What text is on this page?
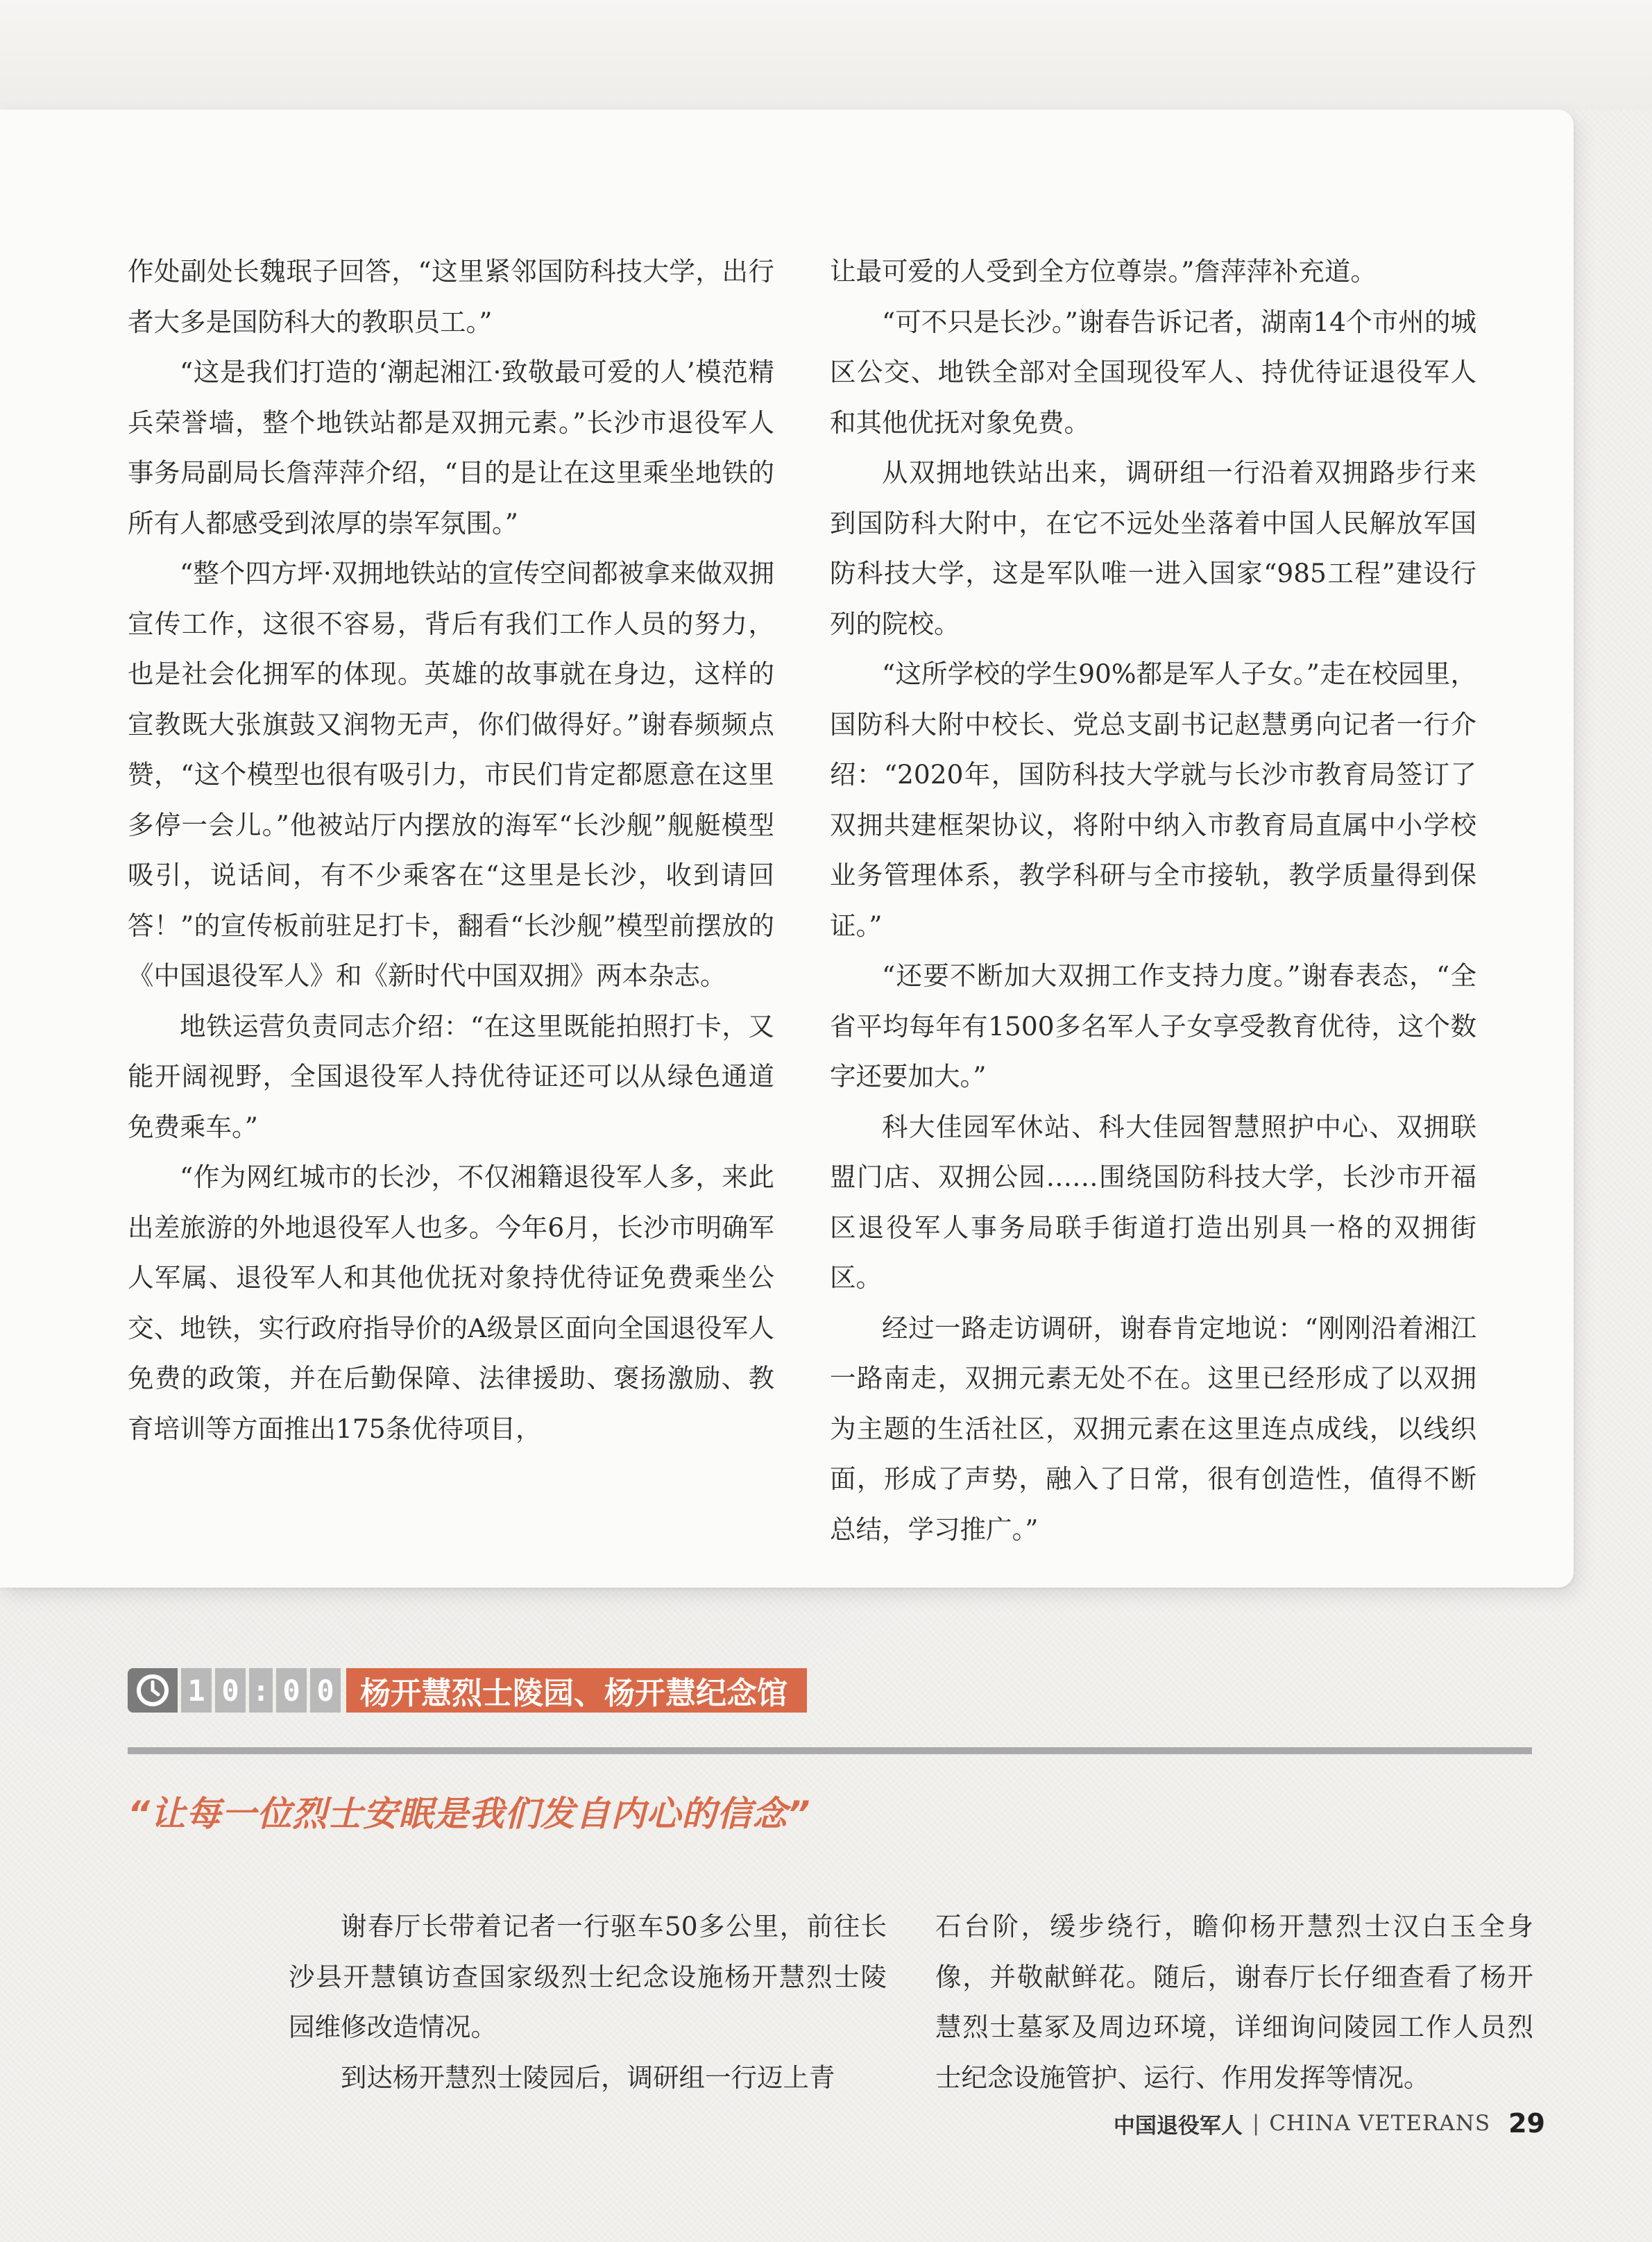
作处副处长魏珉子回答，“这里紧邻国防科技大学，出行者大多是国防科大的教职员工。”

“这是我们打造的‘潮起湘江·致敬最可爱的人’模范精兵荣誉墙，整个地铁站都是双拥元素。”长沙市退役军人事务局副局长詹萍萍介绍，“目的是让在这里乘坐地铁的所有人都感受到浓厚的崇军氛围。”

“整个四方坪·双拥地铁站的宣传空间都被拿来做双拥宣传工作，这很不容易，背后有我们工作人员的努力，也是社会化拥军的体现。英雄的故事就在身边，这样的宣教既大张旗鼓又润物无声，你们做得好。”谢春频频点赞，“这个模型也很有吸引力，市民们肯定都愿意在这里多停一会儿。”他被站厅内摆放的海军“长沙舰”舰艇模型吸引，说话间，有不少乘客在“这里是长沙，收到请回答！”的宣传板前驻足打卡，翻看“长沙舰”模型前摆放的《中国退役军人》和《新时代中国双拥》两本杂志。

地铁运营负责同志介绍：“在这里既能拍照打卡，又能开阔视野，全国退役军人持优待证还可以从绿色通道免费乘车。”

“作为网红城市的长沙，不仅湘籍退役军人多，来此出差旅游的外地退役军人也多。今年6月，长沙市明确军人军属、退役军人和其他优抚对象持优待证免费乘坐公交、地铁，实行政府指导价的A级景区面向全国退役军人免费的政策，并在后勤保障、法律援助、褒扬激励、教育培训等方面推出175条优待项目，

让最可爱的人受到全方位尊崇。”詹萍萍补充道。

“可不只是长沙。”谢春告诉记者，湖南14个市州的城区公交、地铁全部对全国现役军人、持优待证退役军人和其他优抚对象免费。

从双拥地铁站出来，调研组一行沿着双拥路步行来到国防科大附中，在它不远处坐落着中国人民解放军国防科技大学，这是军队唯一进入国家“985工程”建设行列的院校。

“这所学校的学生90%都是军人子女。”走在校园里，国防科大附中校长、党总支副书记赵慧勇向记者一行介绍：“2020年，国防科技大学就与长沙市教育局签订了双拥共建框架协议，将附中纳入市教育局直属中小学校业务管理体系，教学科研与全市接轨，教学质量得到保证。”

“还要不断加大双拥工作支持力度。”谢春表态，“全省平均每年有1500多名军人子女享受教育优待，这个数字还要加大。”

科大佳园军休站、科大佳园智慧照护中心、双拥联盟门店、双拥公园……围绕国防科技大学，长沙市开福区退役军人事务局联手街道打造出别具一格的双拥街区。

经过一路走访调研，谢春肯定地说：“刚刚沿着湘江一路南走，双拥元素无处不在。这里已经形成了以双拥为主题的生活社区，双拥元素在这里连点成线，以线织面，形成了声势，融入了日常，很有创造性，值得不断总结，学习推广。”

1 0 : 0 0 杨开慧烈士陵园、杨开慧纪念馆
“让每一位烈士安眠是我们发自内心的信念”

谢春厅长带着记者一行驱车50多公里，前往长沙县开慧镇访查国家级烈士纪念设施杨开慧烈士陵园维修改造情况。

到达杨开慧烈士陵园后，调研组一行迈上青

石台阶，缓步绕行，瞻仰杨开慧烈士汉白玉全身像，并敬献鲜花。随后，谢春厅长仔细查看了杨开慧烈士墓冢及周边环境，详细询问陵园工作人员烈士纪念设施管护、运行、作用发挥等情况。

中国退役军人 | CHINA VETERANS 29
